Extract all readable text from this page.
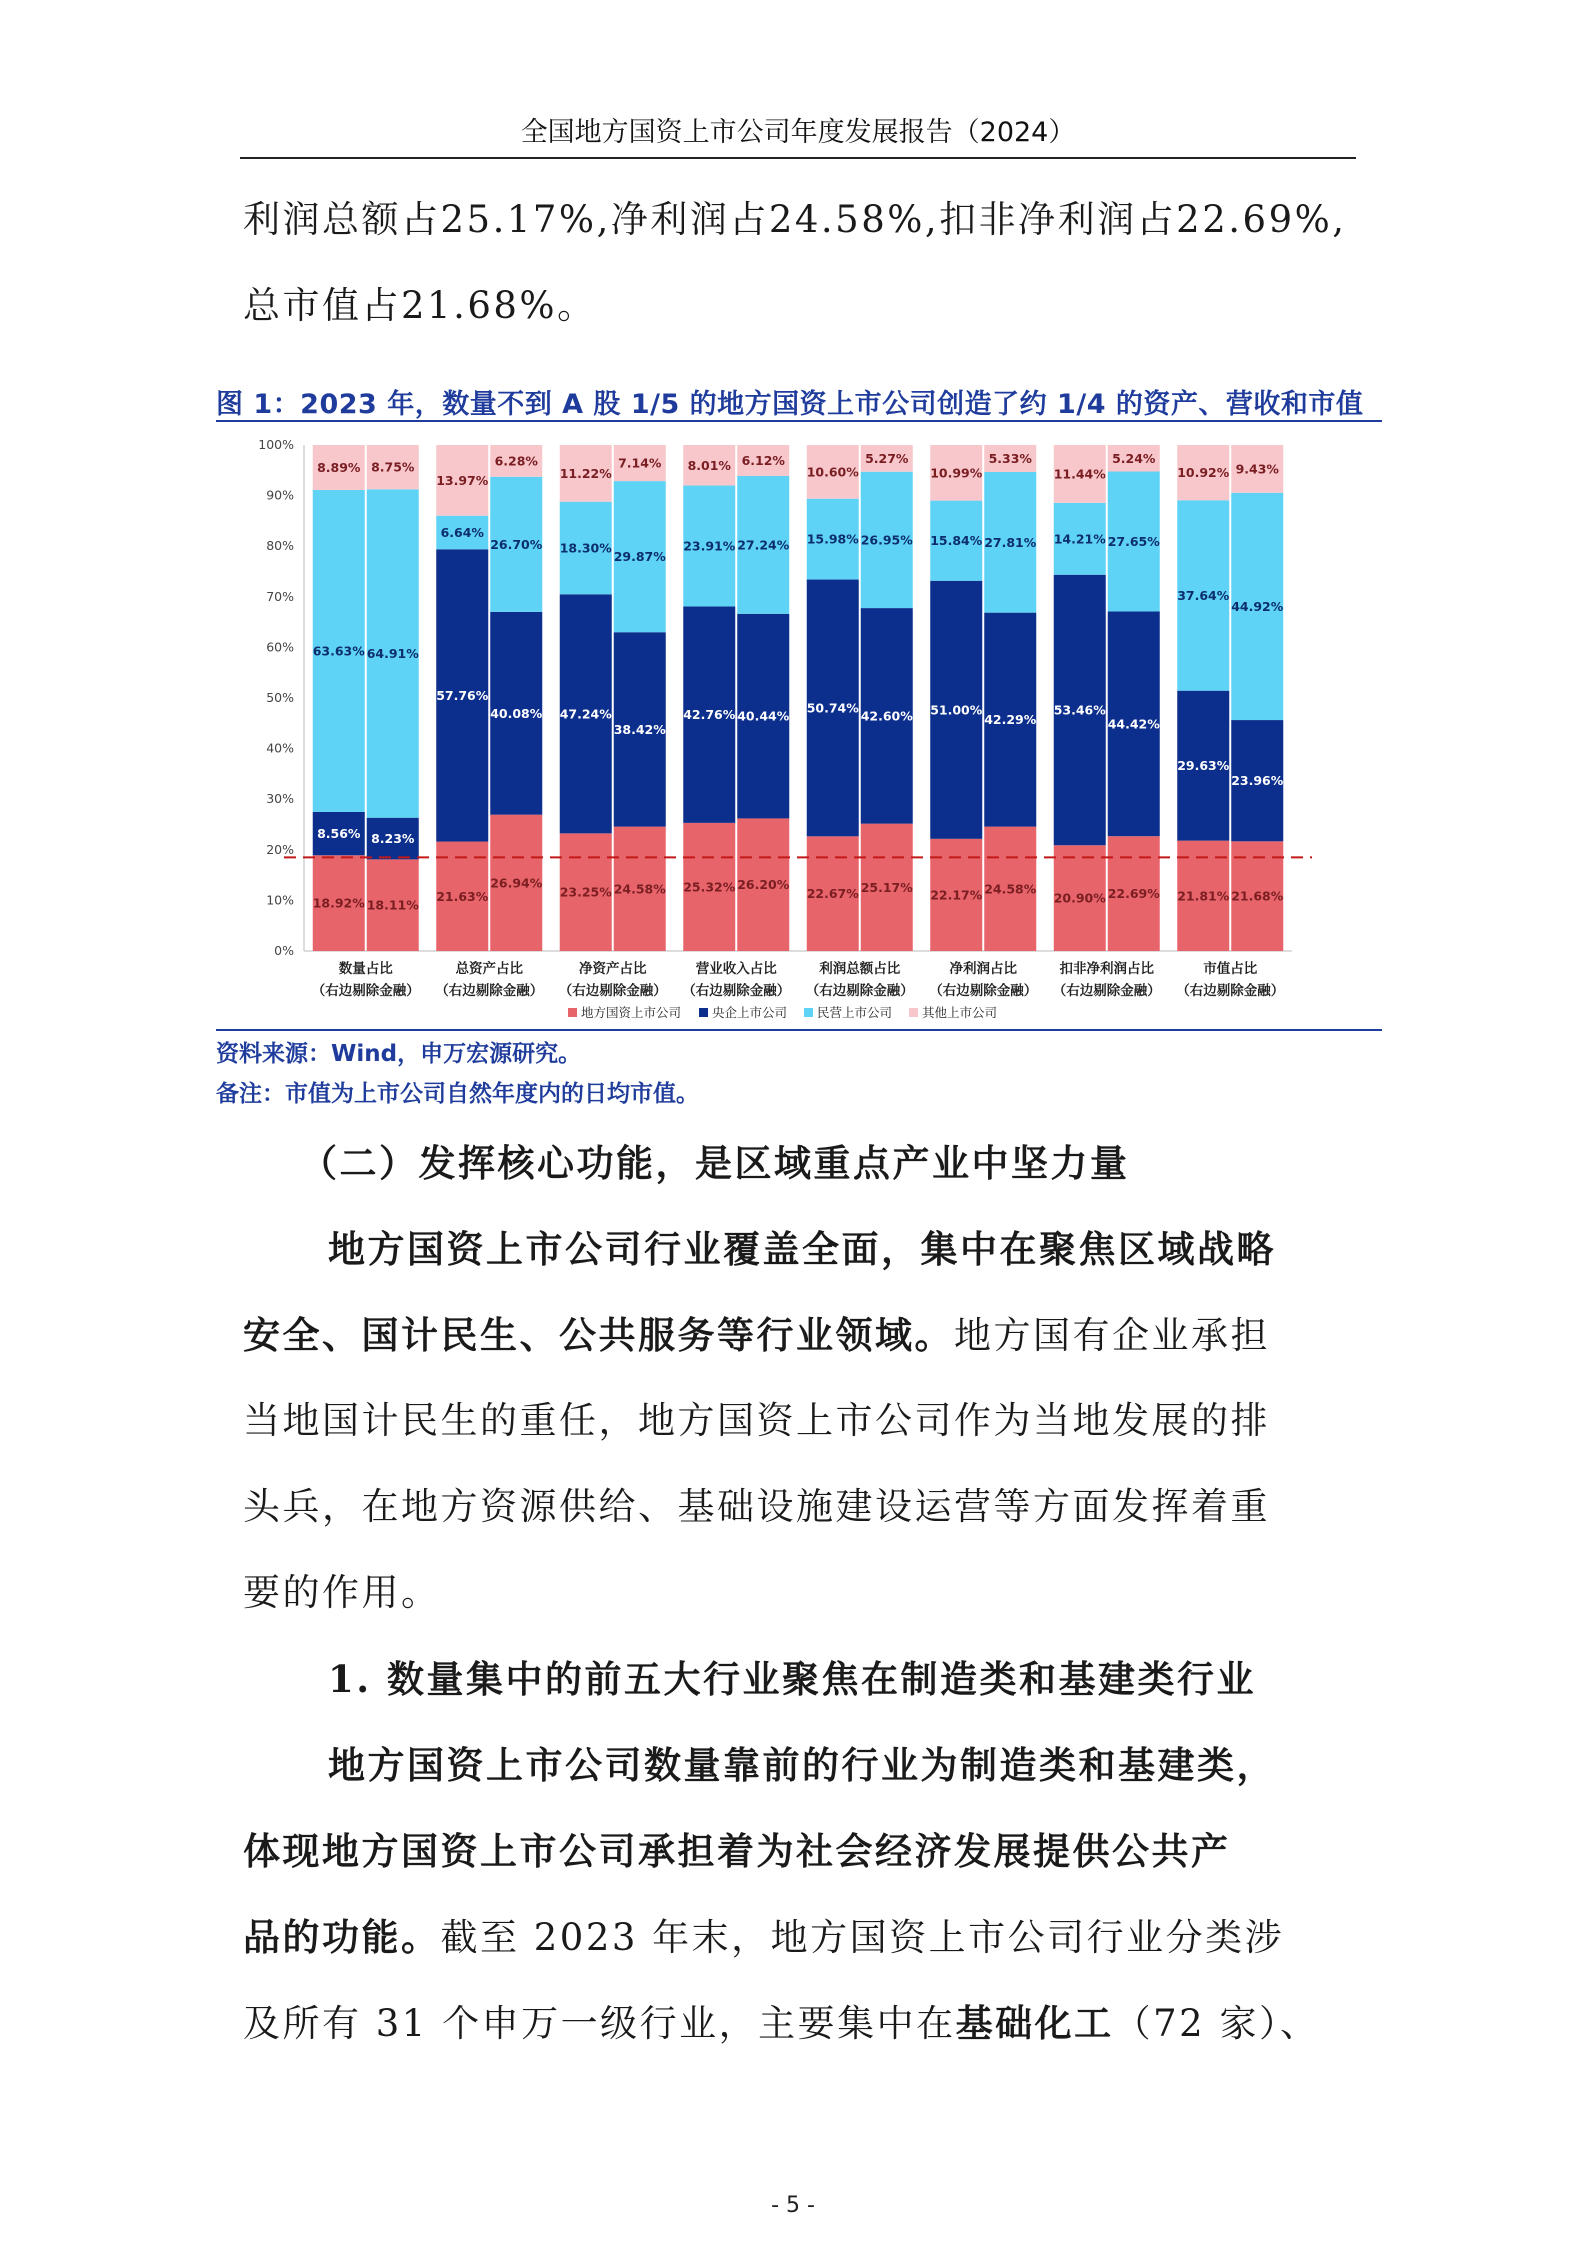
全国地方国资上市公司年度发展报告（2024）
利润总额占25.17%,净利润占24.58%,扣非净利润占22.69%,
总市值占21.68%。
图 1：2023 年，数量不到 A 股 1/5 的地方国资上市公司创造了约 1/4 的资产、营收和市值
0%
10%
20%
30%
40%
50%
60%
70%
80%
90%
100%
18.92%
8.56%
63.63%
8.89%
18.11%
8.23%
64.91%
8.75%
数量占比
（右边剔除金融）
21.63%
57.76%
6.64%
13.97%
26.94%
40.08%
26.70%
6.28%
总资产占比
（右边剔除金融）
23.25%
47.24%
18.30%
11.22%
24.58%
38.42%
29.87%
7.14%
净资产占比
（右边剔除金融）
25.32%
42.76%
23.91%
8.01%
26.20%
40.44%
27.24%
6.12%
营业收入占比
（右边剔除金融）
22.67%
50.74%
15.98%
10.60%
25.17%
42.60%
26.95%
5.27%
利润总额占比
（右边剔除金融）
22.17%
51.00%
15.84%
10.99%
24.58%
42.29%
27.81%
5.33%
净利润占比
（右边剔除金融）
20.90%
53.46%
14.21%
11.44%
22.69%
44.42%
27.65%
5.24%
扣非净利润占比
（右边剔除金融）
21.81%
29.63%
37.64%
10.92%
21.68%
23.96%
44.92%
9.43%
市值占比
（右边剔除金融）
地方国资上市公司 央企上市公司 民营上市公司 其他上市公司
资料来源：Wind，申万宏源研究。
备注：市值为上市公司自然年度内的日均市值。
（二）发挥核心功能，是区域重点产业中坚力量
地方国资上市公司行业覆盖全面，集中在聚焦区域战略
安全、国计民生、公共服务等行业领域。地方国有企业承担
当地国计民生的重任，地方国资上市公司作为当地发展的排
头兵，在地方资源供给、基础设施建设运营等方面发挥着重
要的作用。
1. 数量集中的前五大行业聚焦在制造类和基建类行业
地方国资上市公司数量靠前的行业为制造类和基建类，
体现地方国资上市公司承担着为社会经济发展提供公共产
品的功能。截至 2023 年末，地方国资上市公司行业分类涉
及所有 31 个申万一级行业，主要集中在基础化工（72 家）、
- 5 -
